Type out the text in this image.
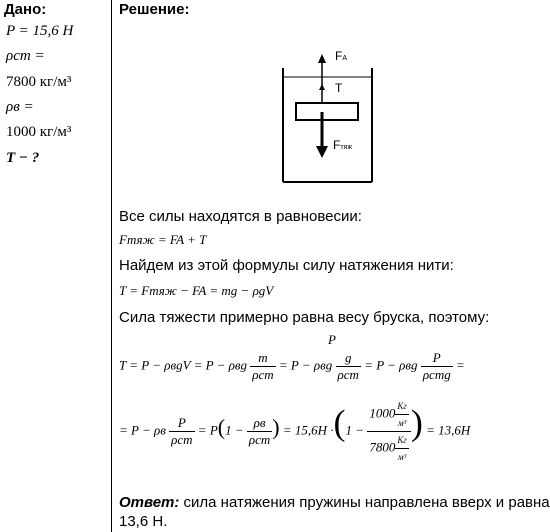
Дано:
P = 15,6 Н
ρст =
7800 кг/м³
ρв =
1000 кг/м³
T − ?
Решение:
FA
T
Fтяж
Все силы находятся в равновесии:
Fтяж = FA + T
Найдем из этой формулы силу натяжения нити:
T = Fтяж − FA = mg − ρgV
Сила тяжести примерно равна весу бруска, поэтому:
P
T = P − ρвgV = P − ρвg $\frac{m}{\text{ρст}} = P - \rho вg \frac{g}{\text{ρст}} = P - \rho вg \frac{P}{\text{ρстg}}$ =
= P − ρв $\frac{P}{\text{ρст}} = P(1 - \frac{\rho в}{\text{ρст}}$ ) = $15,6Н \cdot(1 - \frac{1000 \frac{Кг}{\text{м³}}}{7800 \frac{Кг}{\text{м³}}}$ ) = 13,6Н
Ответ: сила натяжения пружины направлена вверх и равна
13,6 Н.
